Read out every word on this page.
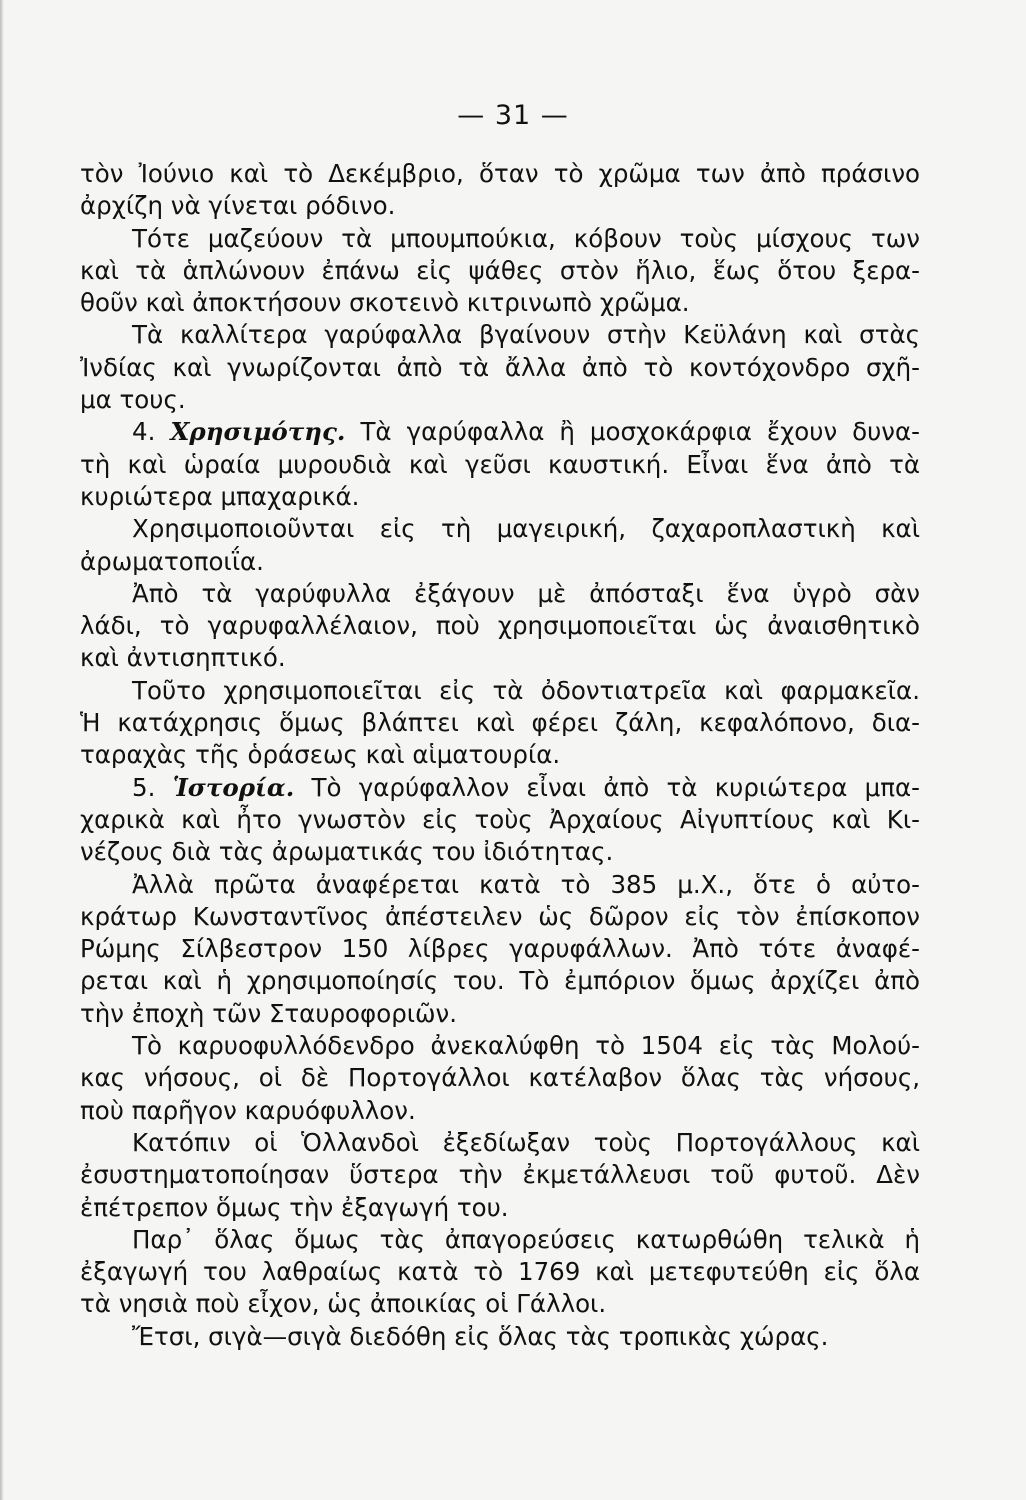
— 31 —
τὸν Ἰούνιο καὶ τὸ Δεκέμβριο, ὅταν τὸ χρῶμα των ἀπὸ πράσινο
ἀρχίζη νὰ γίνεται ρόδινο.
Τότε μαζεύουν τὰ μπουμπούκια, κόβουν τοὺς μίσχους των
καὶ τὰ ἁπλώνουν ἐπάνω εἰς ψάθες στὸν ἥλιο, ἕως ὅτου ξερα-
θοῦν καὶ ἀποκτήσουν σκοτεινὸ κιτρινωπὸ χρῶμα.
Τὰ καλλίτερα γαρύφαλλα βγαίνουν στὴν Κεϋλάνη καὶ στὰς
Ἰνδίας καὶ γνωρίζονται ἀπὸ τὰ ἄλλα ἀπὸ τὸ κοντόχονδρο σχῆ-
μα τους.
4. Χρησιμότης. Τὰ γαρύφαλλα ἢ μοσχοκάρφια ἔχουν δυνα-
τὴ καὶ ὡραία μυρουδιὰ καὶ γεῦσι καυστική. Εἶναι ἕνα ἀπὸ τὰ
κυριώτερα μπαχαρικά.
Χρησιμοποιοῦνται εἰς τὴ μαγειρική, ζαχαροπλαστικὴ καὶ
ἀρωματοποιΐα.
Ἀπὸ τὰ γαρύφυλλα ἐξάγουν μὲ ἀπόσταξι ἕνα ὑγρὸ σὰν
λάδι, τὸ γαρυφαλλέλαιον, ποὺ χρησιμοποιεῖται ὡς ἀναισθητικὸ
καὶ ἀντισηπτικό.
Τοῦτο χρησιμοποιεῖται εἰς τὰ ὀδοντιατρεῖα καὶ φαρμακεῖα.
Ἡ κατάχρησις ὅμως βλάπτει καὶ φέρει ζάλη, κεφαλόπονο, δια-
ταραχὰς τῆς ὁράσεως καὶ αἱματουρία.
5. Ἱστορία. Τὸ γαρύφαλλον εἶναι ἀπὸ τὰ κυριώτερα μπα-
χαρικὰ καὶ ἦτο γνωστὸν εἰς τοὺς Ἀρχαίους Αἰγυπτίους καὶ Κι-
νέζους διὰ τὰς ἀρωματικάς του ἰδιότητας.
Ἀλλὰ πρῶτα ἀναφέρεται κατὰ τὸ 385 μ.Χ., ὅτε ὁ αὐτο-
κράτωρ Κωνσταντῖνος ἀπέστειλεν ὡς δῶρον εἰς τὸν ἐπίσκοπον
Ρώμης Σίλβεστρον 150 λίβρες γαρυφάλλων. Ἀπὸ τότε ἀναφέ-
ρεται καὶ ἡ χρησιμοποίησίς του. Τὸ ἐμπόριον ὅμως ἀρχίζει ἀπὸ
τὴν ἐποχὴ τῶν Σταυροφοριῶν.
Τὸ καρυοφυλλόδενδρο ἀνεκαλύφθη τὸ 1504 εἰς τὰς Μολού-
κας νήσους, οἱ δὲ Πορτογάλλοι κατέλαβον ὅλας τὰς νήσους,
ποὺ παρῆγον καρυόφυλλον.
Κατόπιν οἱ Ὁλλανδοὶ ἐξεδίωξαν τοὺς Πορτογάλλους καὶ
ἐσυστηματοποίησαν ὕστερα τὴν ἐκμετάλλευσι τοῦ φυτοῦ. Δὲν
ἐπέτρεπον ὅμως τὴν ἐξαγωγή του.
Παρ᾽ ὅλας ὅμως τὰς ἀπαγορεύσεις κατωρθώθη τελικὰ ἡ
ἐξαγωγή του λαθραίως κατὰ τὸ 1769 καὶ μετεφυτεύθη εἰς ὅλα
τὰ νησιὰ ποὺ εἶχον, ὡς ἀποικίας οἱ Γάλλοι.
Ἔτσι, σιγὰ—σιγὰ διεδόθη εἰς ὅλας τὰς τροπικὰς χώρας.
